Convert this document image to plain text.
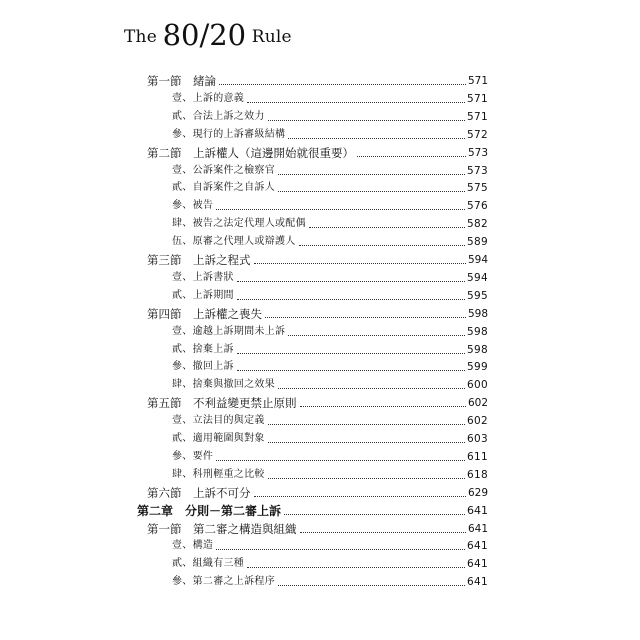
The 80/20 Rule
第一節　緒論	571
壹、上訴的意義	571
貳、合法上訴之效力	571
參、現行的上訴審級結構	572
第二節　上訴權人（這邊開始就很重要）	573
壹、公訴案件之檢察官	573
貳、自訴案件之自訴人	575
參、被告	576
肆、被告之法定代理人或配偶	582
伍、原審之代理人或辯護人	589
第三節　上訴之程式	594
壹、上訴書狀	594
貳、上訴期間	595
第四節　上訴權之喪失	598
壹、逾越上訴期間未上訴	598
貳、捨棄上訴	598
參、撤回上訴	599
肆、捨棄與撤回之效果	600
第五節　不利益變更禁止原則	602
壹、立法目的與定義	602
貳、適用範圍與對象	603
參、要件	611
肆、科刑輕重之比較	618
第六節　上訴不可分	629
第二章　分則－第二審上訴	641
第一節　第二審之構造與組織	641
壹、構造	641
貳、組織有三種	641
參、第二審之上訴程序	641
